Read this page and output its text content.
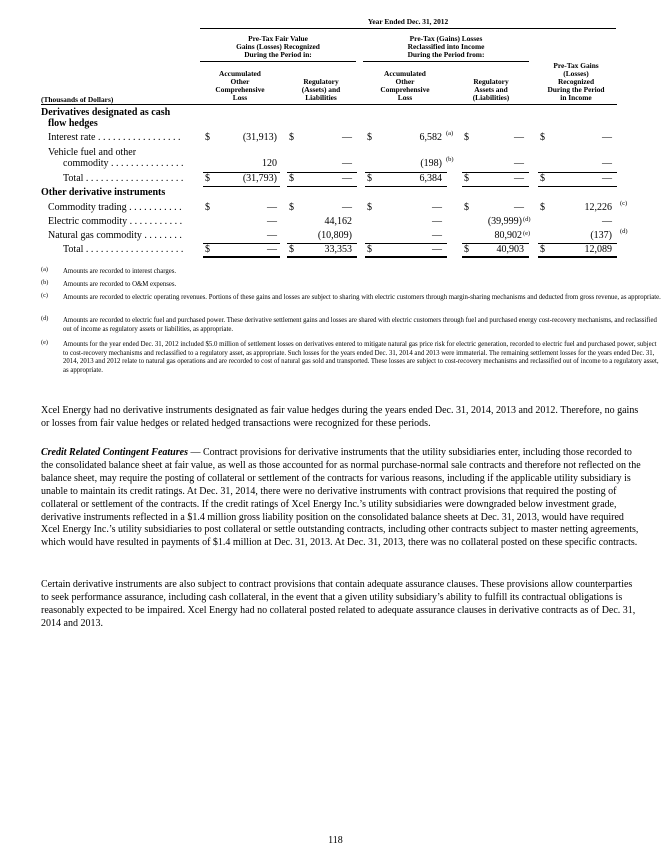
Year Ended Dec. 31, 2012
Pre-Tax Fair Value
Gains (Losses) Recognized
During the Period in:
Pre-Tax (Gains) Losses
Reclassified into Income
During the Period from:
Accumulated
Other
Comprehensive
Loss
Regulatory
(Assets) and
Liabilities
Accumulated
Other
Comprehensive
Loss
Regulatory
Assets and
(Liabilities)
Pre-Tax Gains
(Losses)
Recognized
During the Period
in Income
(Thousands of Dollars)
Derivatives designated as cash
flow hedges
Interest rate . . . . . . . . . . . . . . . . . $	(31,913) $	— $	6,582 (a) $	— $	—
Vehicle fuel and other
commodity . . . . . . . . . . . . . . .	120	—	(198) (b)	—	—
Total . . . . . . . . . . . . . . . . . . . . $	(31,793) $	— $	6,384 $	— $	—
Other derivative instruments
Commodity trading . . . . . . . . . . . $	— $	— $	— $	— $	12,226 (c)
Electric commodity . . . . . . . . . . .	—	44,162	—	(39,999) (d)	—
Natural gas commodity . . . . . . . .	—	(10,809)	—	80,902 (e)	(137) (d)
Total . . . . . . . . . . . . . . . . . . . . $	— $	33,353 $	— $	40,903 $	12,089
(a) Amounts are recorded to interest charges.
(b) Amounts are recorded to O&M expenses.
(c) Amounts are recorded to electric operating revenues. Portions of these gains and losses are subject to sharing with electric customers through margin-sharing mechanisms and deducted from gross revenue, as appropriate.
(d) Amounts are recorded to electric fuel and purchased power. These derivative settlement gains and losses are shared with electric customers through fuel and purchased energy cost-recovery mechanisms, and reclassified out of income as regulatory assets or liabilities, as appropriate.
(e) Amounts for the year ended Dec. 31, 2012 included $5.0 million of settlement losses on derivatives entered to mitigate natural gas price risk for electric generation, recorded to electric fuel and purchased power, subject to cost-recovery mechanisms and reclassified to a regulatory asset, as appropriate. Such losses for the years ended Dec. 31, 2014 and 2013 were immaterial. The remaining settlement losses for the years ended Dec. 31, 2014, 2013 and 2012 relate to natural gas operations and are recorded to cost of natural gas sold and transported. These losses are subject to cost-recovery mechanisms and reclassified out of income to a regulatory asset, as appropriate.
Xcel Energy had no derivative instruments designated as fair value hedges during the years ended Dec. 31, 2014, 2013 and 2012. Therefore, no gains or losses from fair value hedges or related hedged transactions were recognized for these periods.
Credit Related Contingent Features — Contract provisions for derivative instruments that the utility subsidiaries enter, including those recorded to the consolidated balance sheet at fair value, as well as those accounted for as normal purchase-normal sale contracts and therefore not reflected on the balance sheet, may require the posting of collateral or settlement of the contracts for various reasons, including if the applicable utility subsidiary is unable to maintain its credit ratings. At Dec. 31, 2014, there were no derivative instruments with contract provisions that required the posting of collateral or settlement of the contracts. If the credit ratings of Xcel Energy Inc.’s utility subsidiaries were downgraded below investment grade, derivative instruments reflected in a $1.4 million gross liability position on the consolidated balance sheets at Dec. 31, 2013, would have required Xcel Energy Inc.’s utility subsidiaries to post collateral or settle outstanding contracts, including other contracts subject to master netting agreements, which would have resulted in payments of $1.4 million at Dec. 31, 2013. At Dec. 31, 2013, there was no collateral posted on these specific contracts.
Certain derivative instruments are also subject to contract provisions that contain adequate assurance clauses. These provisions allow counterparties to seek performance assurance, including cash collateral, in the event that a given utility subsidiary’s ability to fulfill its contractual obligations is reasonably expected to be impaired. Xcel Energy had no collateral posted related to adequate assurance clauses in derivative contracts as of Dec. 31, 2014 and 2013.
118
